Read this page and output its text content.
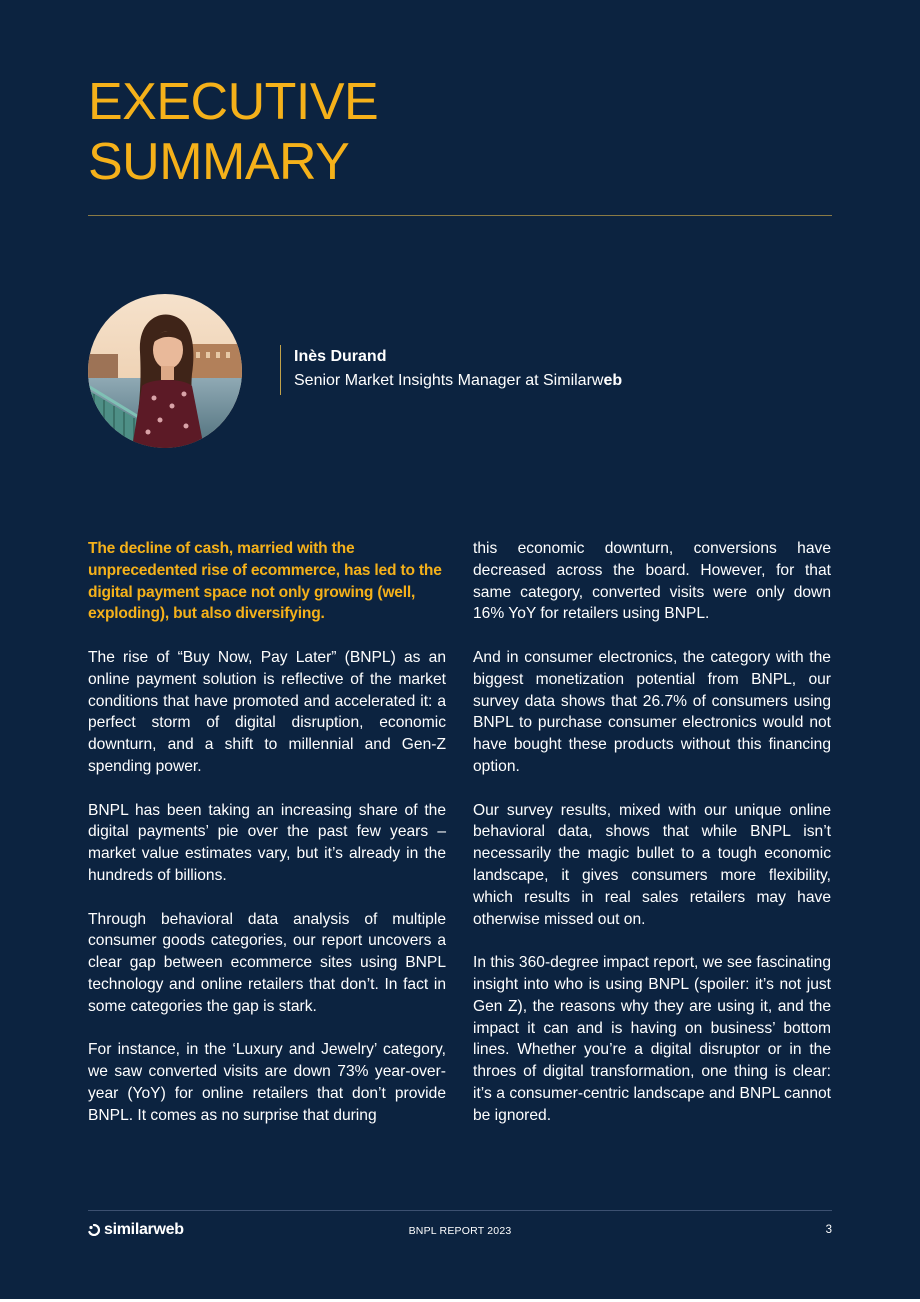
EXECUTIVE
SUMMARY
Inès Durand
Senior Market Insights Manager at Similarweb

The decline of cash, married with the unprecedented rise of ecommerce, has led to the digital payment space not only growing (well, exploding), but also diversifying.

The rise of “Buy Now, Pay Later” (BNPL) as an online payment solution is reflective of the market conditions that have promoted and accelerated it: a perfect storm of digital disruption, economic downturn, and a shift to millennial and Gen-Z spending power.

BNPL has been taking an increasing share of the digital payments’ pie over the past few years – market value estimates vary, but it’s already in the hundreds of billions.

Through behavioral data analysis of multiple consumer goods categories, our report uncovers a clear gap between ecommerce sites using BNPL technology and online retailers that don’t. In fact in some categories the gap is stark.

For instance, in the ‘Luxury and Jewelry’ category, we saw converted visits are down 73% year-over-year (YoY) for online retailers that don’t provide BNPL. It comes as no surprise that during

this economic downturn, conversions have decreased across the board. However, for that same category, converted visits were only down 16% YoY for retailers using BNPL.

And in consumer electronics, the category with the biggest monetization potential from BNPL, our survey data shows that 26.7% of consumers using BNPL to purchase consumer electronics would not have bought these products without this financing option.

Our survey results, mixed with our unique online behavioral data, shows that while BNPL isn’t necessarily the magic bullet to a tough economic landscape, it gives consumers more flexibility, which results in real sales retailers may have otherwise missed out on.

In this 360-degree impact report, we see fascinating insight into who is using BNPL (spoiler: it’s not just Gen Z), the reasons why they are using it, and the impact it can and is having on business’ bottom lines. Whether you’re a digital disruptor or in the throes of digital transformation, one thing is clear: it’s a consumer-centric landscape and BNPL cannot be ignored.

similarweb	BNPL REPORT 2023	3
